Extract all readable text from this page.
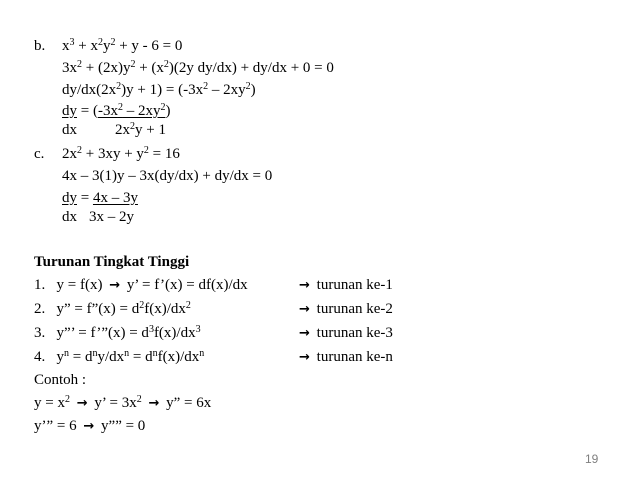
b. $x^3 + x^2y^2 + y - 6 = 0$
$3x^2 + (2x)y^2 + (x^2)(2y$ dy/dx) + dy/dx + 0 = 0
$dy/dx(2x^2)y + 1) = (-3x^2 - 2xy^2)$
dy = $(-3x^2 - 2xy^2)$
dx	$2x^2y + 1$
c. $2x^2 + 3xy + y^2 = 16$
4x – 3(1)y – 3x(dy/dx) + dy/dx = 0
dy = 4x – 3y
dx 3x – 2y
Turunan Tingkat Tinggi
1.   y = f(x) → y’ = f’(x) = df(x)/dx	→ turunan ke-1
2.   y” = f”(x) = $d^2f(x)/dx^2$	→ turunan ke-2
3.   y”’ = f’”(x) = $d^3f(x)/dx^3$	→ turunan ke-3
4.   $y^n = d^ny/dx^n = d^nf(x)/dx^n$	→ turunan ke-n
Contoh :
$y = x^2 \to y$’ = $3x^2 \to y$” = 6x
y’” = 6 → y”” = 0
19
